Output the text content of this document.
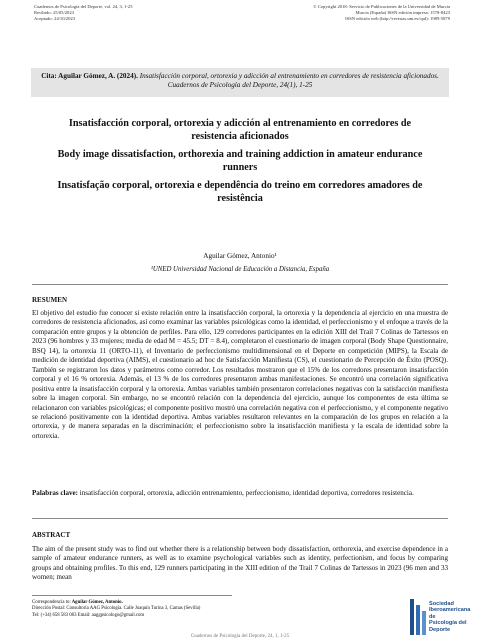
Cuadernos de Psicología del Deporte, vol. 24, 3, 1-25
Recibido: 25/05/2023
Aceptado: 24/10/2023
© Copyright 2018: Servicio de Publicaciones de la Universidad de Murcia
Murcia (España) ISSN edición impresa: 1578-8423
ISSN edición web (http://revistas.um.es/cpd): 1989-5879
Cita: Aguilar Gómez, A. (2024). Insatisfacción corporal, ortorexia y adicción al entrenamiento en corredores de resistencia aficionados. Cuadernos de Psicología del Deporte, 24(1), 1-25
Insatisfacción corporal, ortorexia y adicción al entrenamiento en corredores de resistencia aficionados
Body image dissatisfaction, orthorexia and training addiction in amateur endurance runners
Insatisfação corporal, ortorexia e dependência do treino em corredores amadores de resistência
Aguilar Gómez, Antonio¹
¹UNED Universidad Nacional de Educación a Distancia, España
RESUMEN
El objetivo del estudio fue conocer si existe relación entre la insatisfacción corporal, la ortorexia y la dependencia al ejercicio en una muestra de corredores de resistencia aficionados, así como examinar las variables psicológicas como la identidad, el perfeccionismo y el enfoque a través de la comparación entre grupos y la obtención de perfiles. Para ello, 129 corredores participantes en la edición XIII del Trail 7 Colinas de Tartessos en 2023 (96 hombres y 33 mujeres; media de edad M = 45.5; DT = 8.4), completaron el cuestionario de imagen corporal (Body Shape Questionnaire, BSQ 14), la ortorexia 11 (ORTO-11), el Inventario de perfeccionismo multidimensional en el Deporte en competición (MIPS), la Escala de medición de identidad deportiva (AIMS), el cuestionario ad hoc de Satisfacción Manifiesta (CS), el cuestionario de Percepción de Éxito (POSQ). También se registraron los datos y parámetros como corredor. Los resultados mostraron que el 15% de los corredores presentaron insatisfacción corporal y el 16 % ortorexia. Además, el 13 % de los corredores presentaron ambas manifestaciones. Se encontró una correlación significativa positiva entre la insatisfacción corporal y la ortorexia. Ambas variables también presentaron correlaciones negativas con la satisfacción manifiesta sobre la imagen corporal. Sin embargo, no se encontró relación con la dependencia del ejercicio, aunque los componentes de esta última se relacionaron con variables psicológicas; el componente positivo mostró una correlación negativa con el perfeccionismo, y el componente negativo se relacionó positivamente con la identidad deportiva. Ambas variables resultaron relevantes en la comparación de los grupos en relación a la ortorexia, y de manera separadas en la discriminación; el perfeccionismo sobre la insatisfacción manifiesta y la escala de identidad sobre la ortorexia.
Palabras clave: insatisfacción corporal, ortorexia, adicción entrenamiento, perfeccionismo, identidad deportiva, corredores resistencia.
ABSTRACT
The aim of the present study was to find out whether there is a relationship between body dissatisfaction, orthorexia, and exercise dependence in a sample of amateur endurance runners, as well as to examine psychological variables such as identity, perfectionism, and focus by comparing groups and obtaining profiles. To this end, 129 runners participating in the XIII edition of the Trail 7 Colinas de Tartessos in 2023 (96 men and 33 women; mean
Correspondencia to: Aguilar Gómez, Antonio.
Dirección Postal: Consultoría AAG Psicología. Calle Joaquín Turina 3, Camas (Sevilla)
Tel: (+34) 658 583 083 Email: aaggpsicologo@gmail.com
Sociedad
Iberoamericana de
Psicología del
Deporte
Cuadernos de Psicología del Deporte, 24, 1, 1-25
